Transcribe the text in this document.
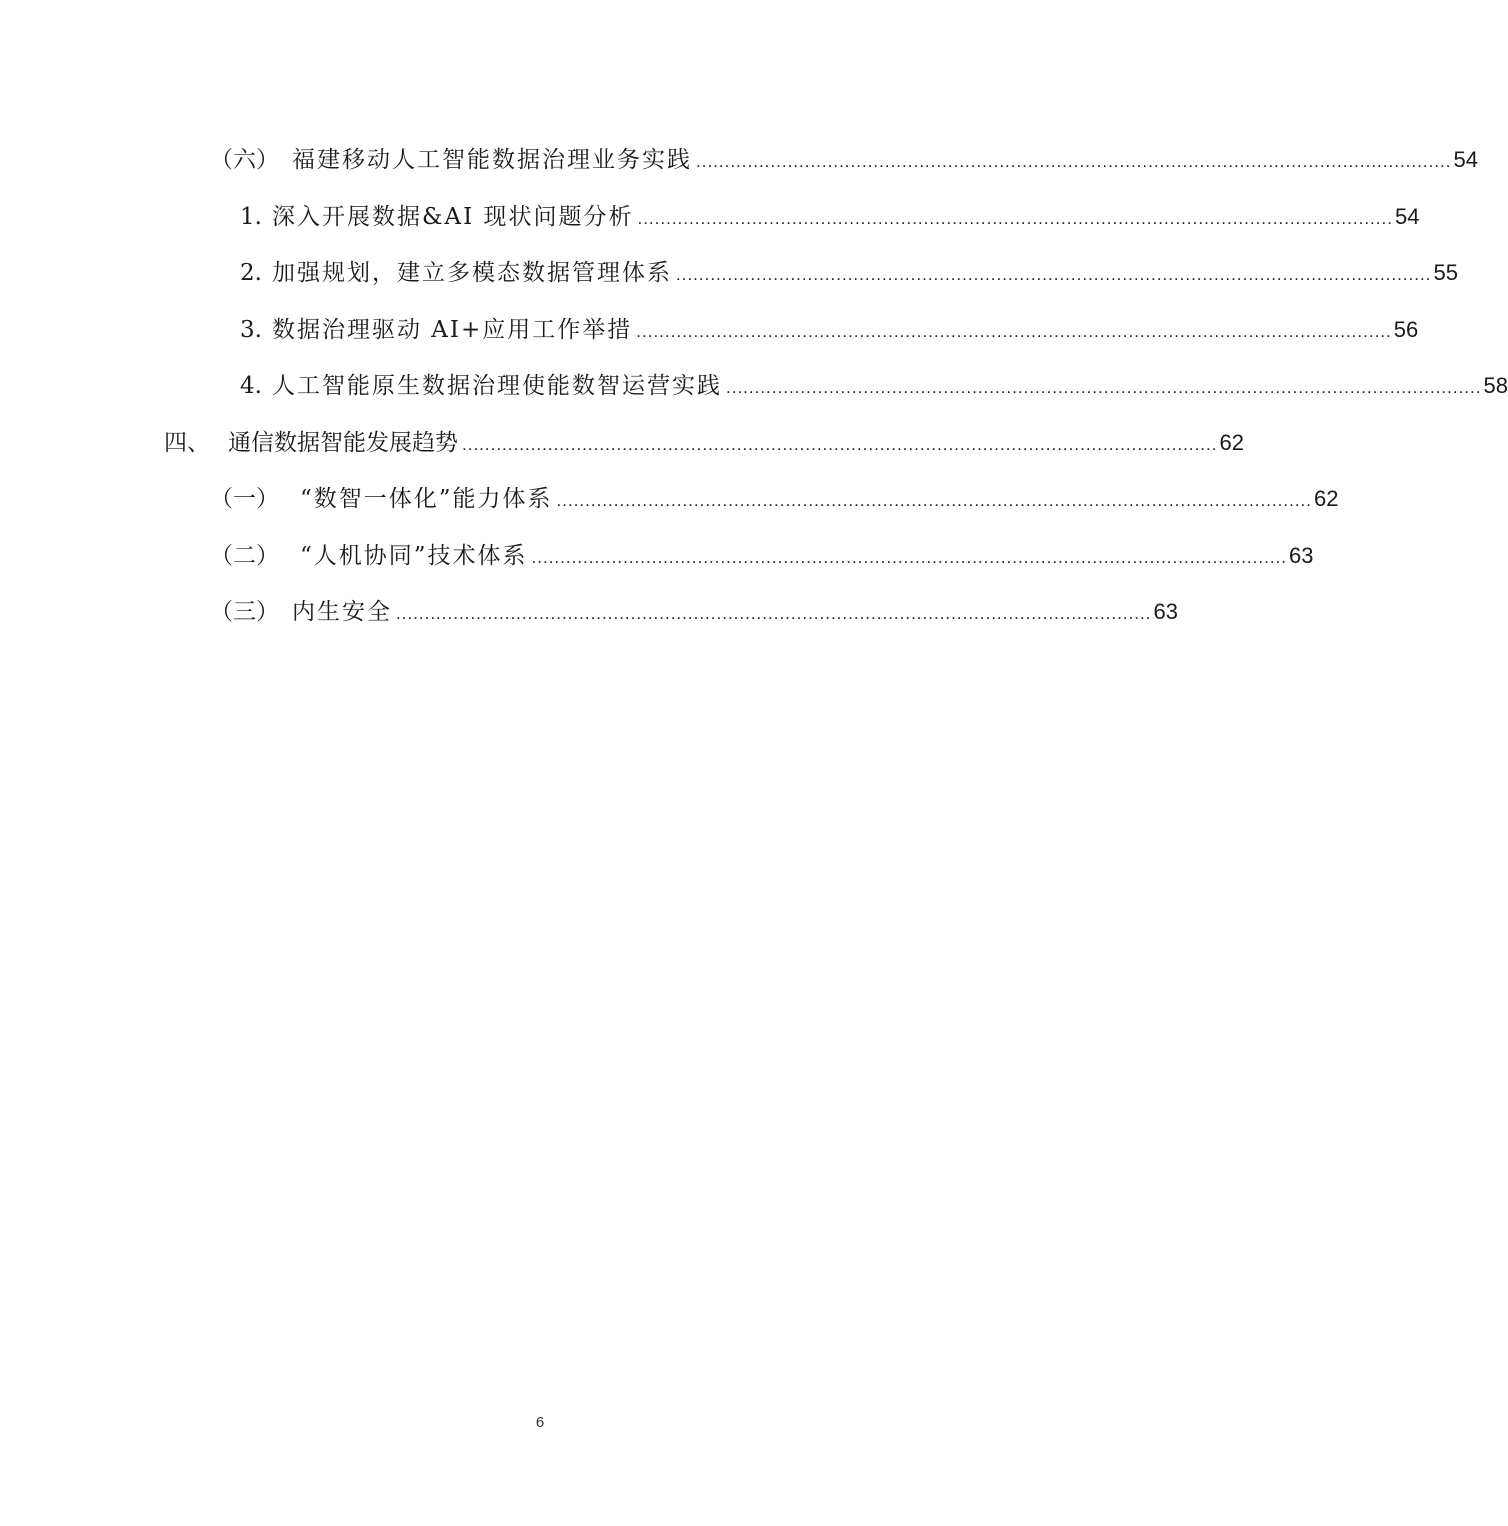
（六） 福建移动人工智能数据治理业务实践 .................................................................................................................................... 54
1. 深入开展数据&AI 现状问题分析 .................................................................................................................................... 54
2. 加强规划，建立多模态数据管理体系 .................................................................................................................................... 55
3. 数据治理驱动 AI+应用工作举措 .................................................................................................................................... 56
4. 人工智能原生数据治理使能数智运营实践 .................................................................................................................................... 58
四、 通信数据智能发展趋势 .................................................................................................................................... 62
（一） “数智一体化”能力体系 .................................................................................................................................... 62
（二） “人机协同”技术体系 .................................................................................................................................... 63
（三） 内生安全 .................................................................................................................................... 63
6
